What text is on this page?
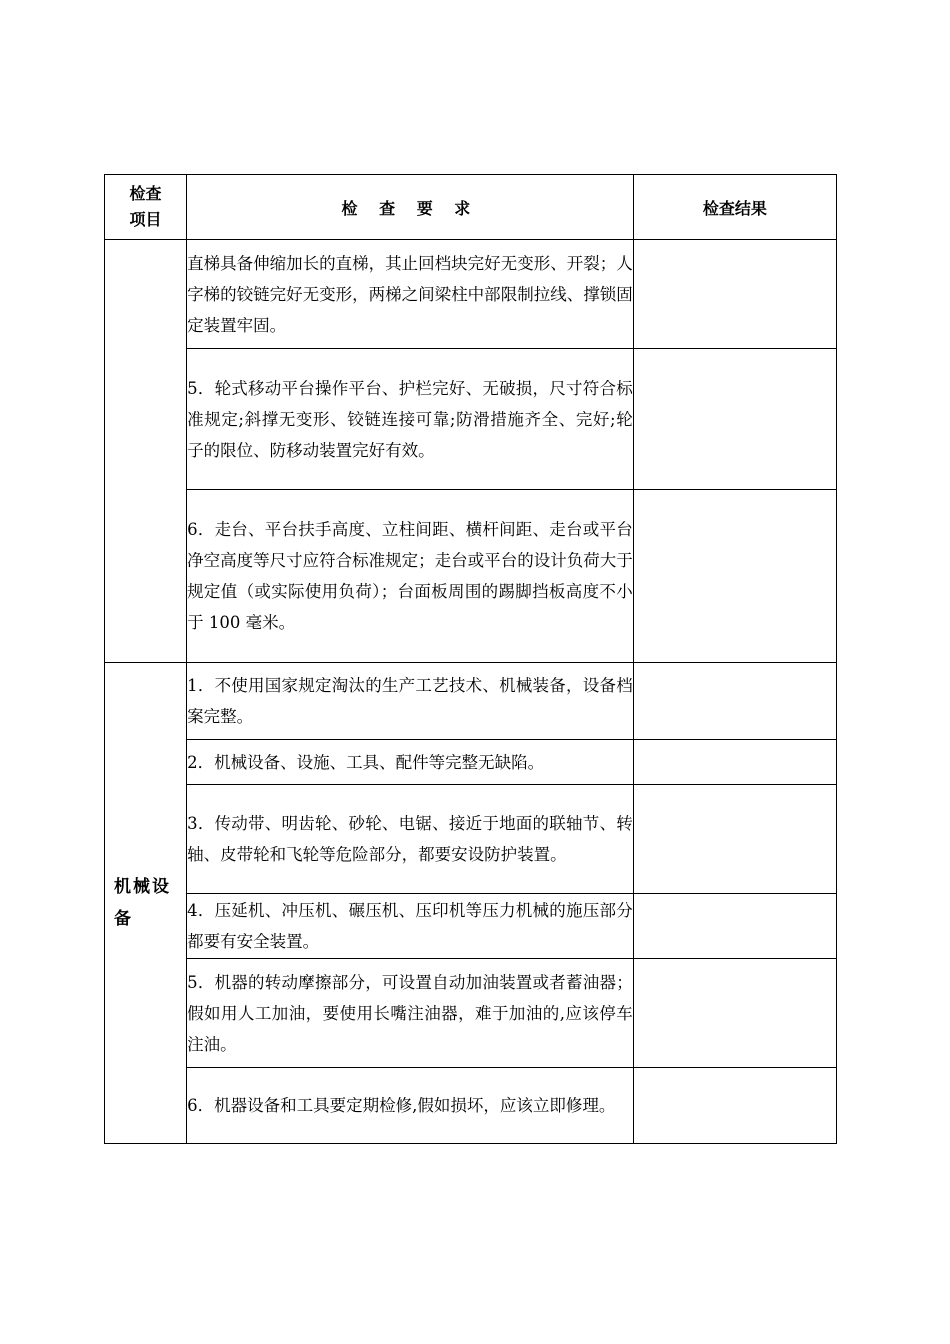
检查
项目	检 查 要 求	检查结果
	直梯具备伸缩加长的直梯，其止回档块完好无变形、开裂；人字梯的铰链完好无变形，两梯之间梁柱中部限制拉线、撑锁固定装置牢固。	
	5．轮式移动平台操作平台、护栏完好、无破损，尺寸符合标准规定;斜撑无变形、铰链连接可靠;防滑措施齐全、完好;轮子的限位、防移动装置完好有效。	
	6．走台、平台扶手高度、立柱间距、横杆间距、走台或平台净空高度等尺寸应符合标准规定；走台或平台的设计负荷大于规定值（或实际使用负荷）；台面板周围的踢脚挡板高度不小于 100 毫米。	
机械设备	1．不使用国家规定淘汰的生产工艺技术、机械装备，设备档案完整。	
	2．机械设备、设施、工具、配件等完整无缺陷。	
	3．传动带、明齿轮、砂轮、电锯、接近于地面的联轴节、转轴、皮带轮和飞轮等危险部分，都要安设防护装置。	
	4．压延机、冲压机、碾压机、压印机等压力机械的施压部分都要有安全装置。	
	5．机器的转动摩擦部分，可设置自动加油装置或者蓄油器；假如用人工加油，要使用长嘴注油器，难于加油的,应该停车注油。	
	6．机器设备和工具要定期检修,假如损坏，应该立即修理。	
